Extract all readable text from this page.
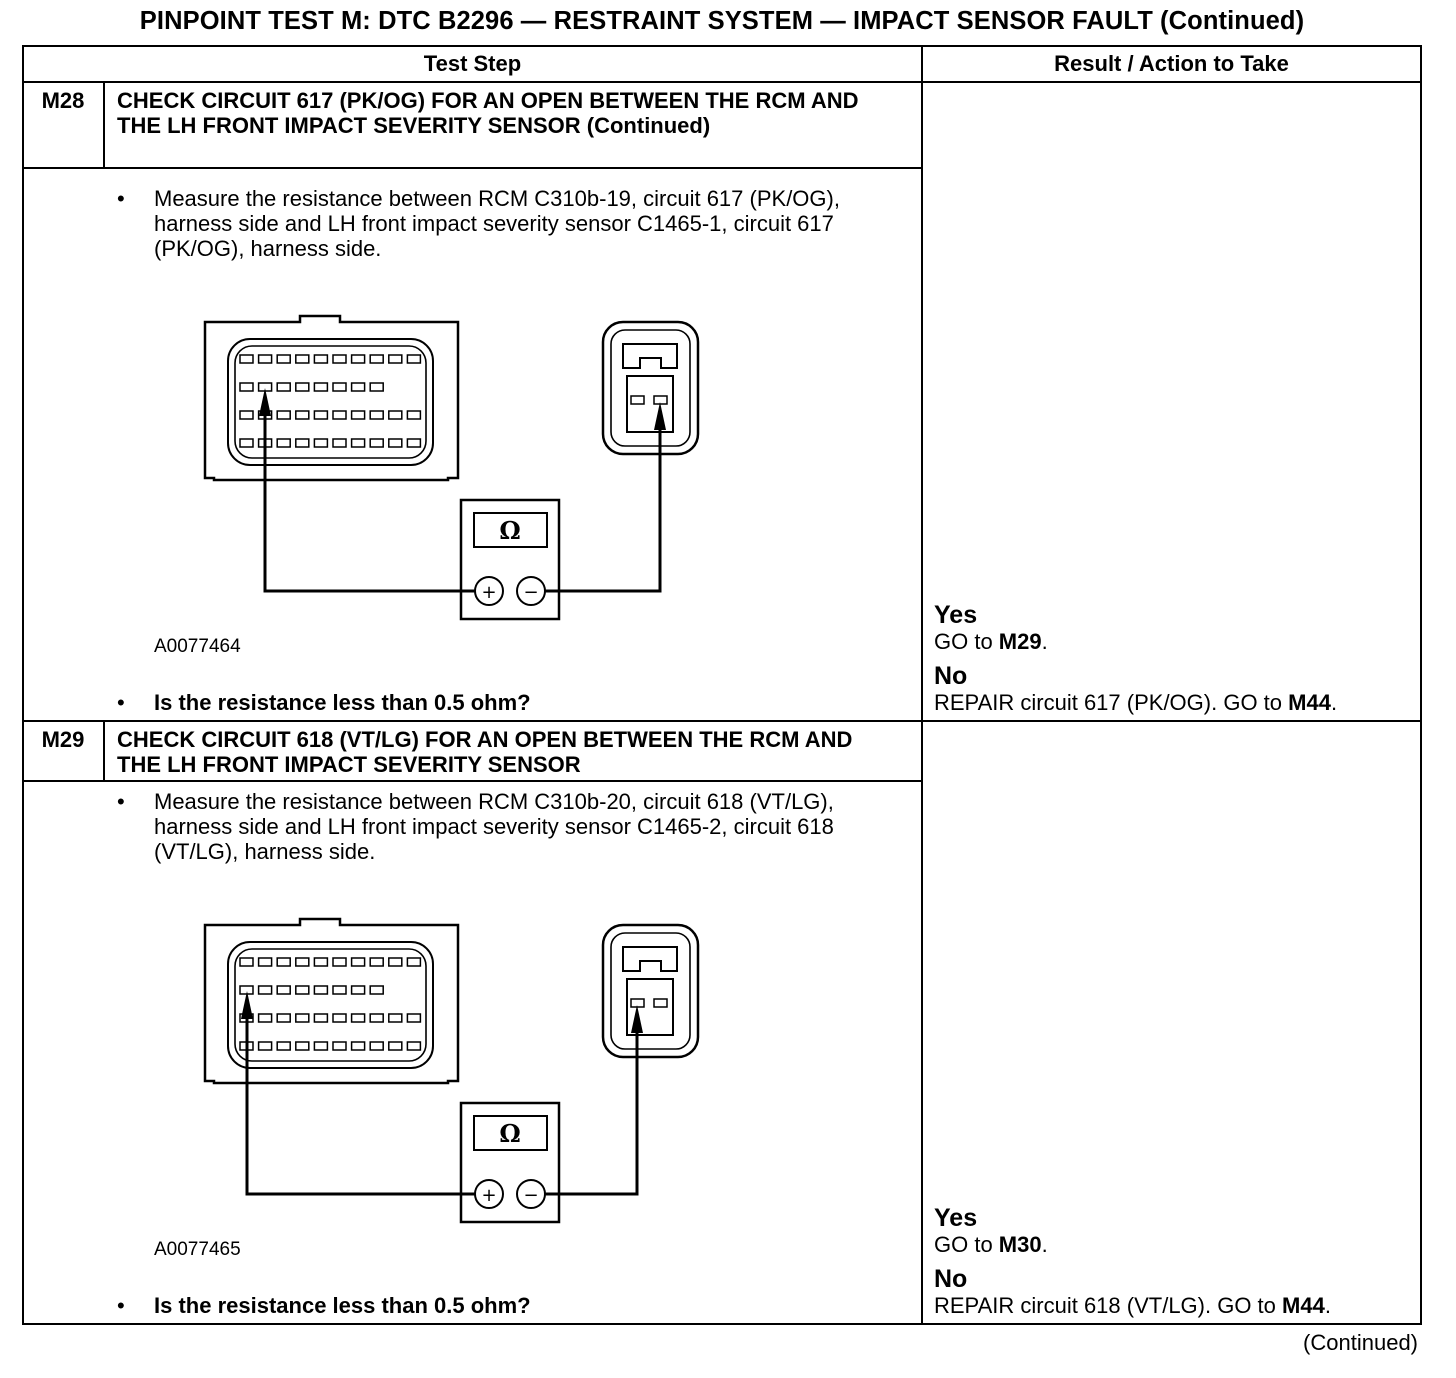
PINPOINT TEST M: DTC B2296 — RESTRAINT SYSTEM — IMPACT SENSOR FAULT (Continued)
Test Step	Result / Action to Take
M28	CHECK CIRCUIT 617 (PK/OG) FOR AN OPEN BETWEEN THE RCM AND THE LH FRONT IMPACT SEVERITY SENSOR (Continued)
•	Measure the resistance between RCM C310b-19, circuit 617 (PK/OG), harness side and LH front impact severity sensor C1465-1, circuit 617 (PK/OG), harness side.
Ω
+ −
A0077464
•	Is the resistance less than 0.5 ohm?
Yes
GO to M29.
No
REPAIR circuit 617 (PK/OG). GO to M44.
M29	CHECK CIRCUIT 618 (VT/LG) FOR AN OPEN BETWEEN THE RCM AND THE LH FRONT IMPACT SEVERITY SENSOR
•	Measure the resistance between RCM C310b-20, circuit 618 (VT/LG), harness side and LH front impact severity sensor C1465-2, circuit 618 (VT/LG), harness side.
Ω
+ −
A0077465
•	Is the resistance less than 0.5 ohm?
Yes
GO to M30.
No
REPAIR circuit 618 (VT/LG). GO to M44.
(Continued)
